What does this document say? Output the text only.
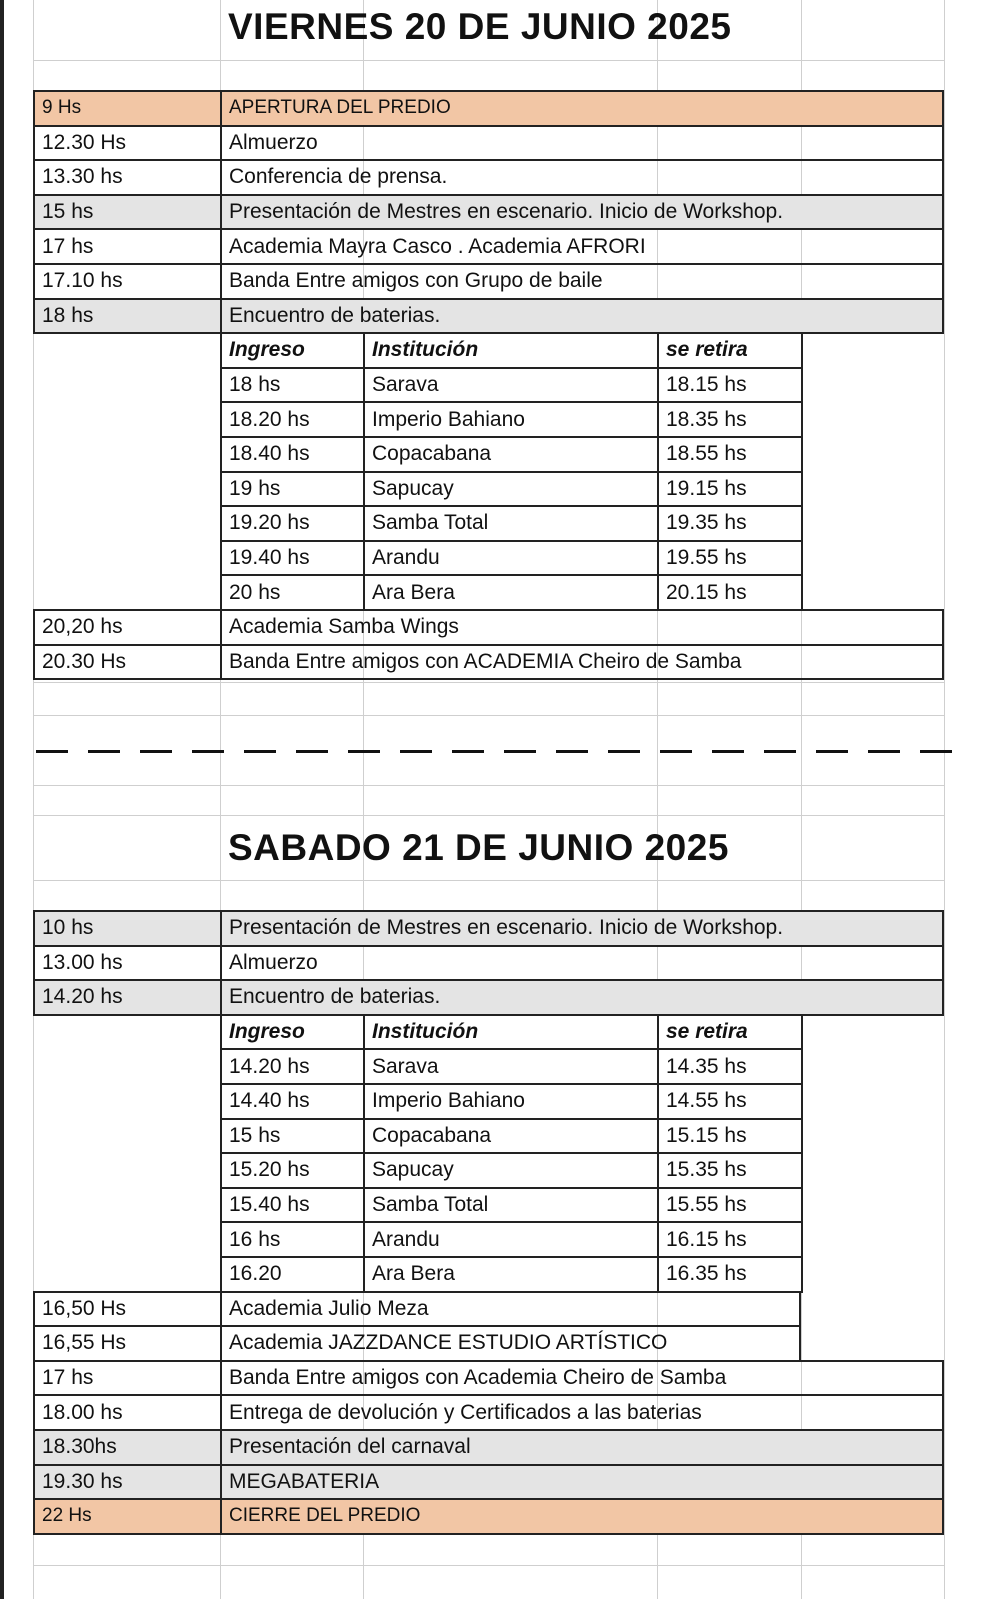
VIERNES 20 DE JUNIO 2025
SABADO 21 DE JUNIO 2025
9 Hs	APERTURA DEL PREDIO
12.30 Hs	Almuerzo
13.30 hs	Conferencia de prensa.
15 hs	Presentación de Mestres en escenario. Inicio de Workshop.
17 hs	Academia Mayra Casco . Academia AFRORI
17.10 hs	Banda Entre amigos con Grupo de baile
18 hs	Encuentro de baterias.
Ingreso	Institución	se retira
18 hs	Sarava	18.15 hs
18.20 hs	Imperio Bahiano	18.35 hs
18.40 hs	Copacabana	18.55 hs
19 hs	Sapucay	19.15 hs
19.20 hs	Samba Total	19.35 hs
19.40 hs	Arandu	19.55 hs
20 hs	Ara Bera	20.15 hs
20,20 hs	Academia Samba Wings
20.30 Hs	Banda Entre amigos con ACADEMIA Cheiro de Samba
10 hs	Presentación de Mestres en escenario. Inicio de Workshop.
13.00 hs	Almuerzo
14.20 hs	Encuentro de baterias.
Ingreso	Institución	se retira
14.20 hs	Sarava	14.35 hs
14.40 hs	Imperio Bahiano	14.55 hs
15 hs	Copacabana	15.15 hs
15.20 hs	Sapucay	15.35 hs
15.40 hs	Samba Total	15.55 hs
16 hs	Arandu	16.15 hs
16.20	Ara Bera	16.35 hs
16,50 Hs	Academia Julio Meza
16,55 Hs	Academia JAZZDANCE ESTUDIO ARTÍSTICO
17 hs	Banda Entre amigos con Academia Cheiro de Samba
18.00 hs	Entrega de devolución y Certificados a las baterias
18.30hs	Presentación del carnaval
19.30 hs	MEGABATERIA
22 Hs	CIERRE DEL PREDIO
